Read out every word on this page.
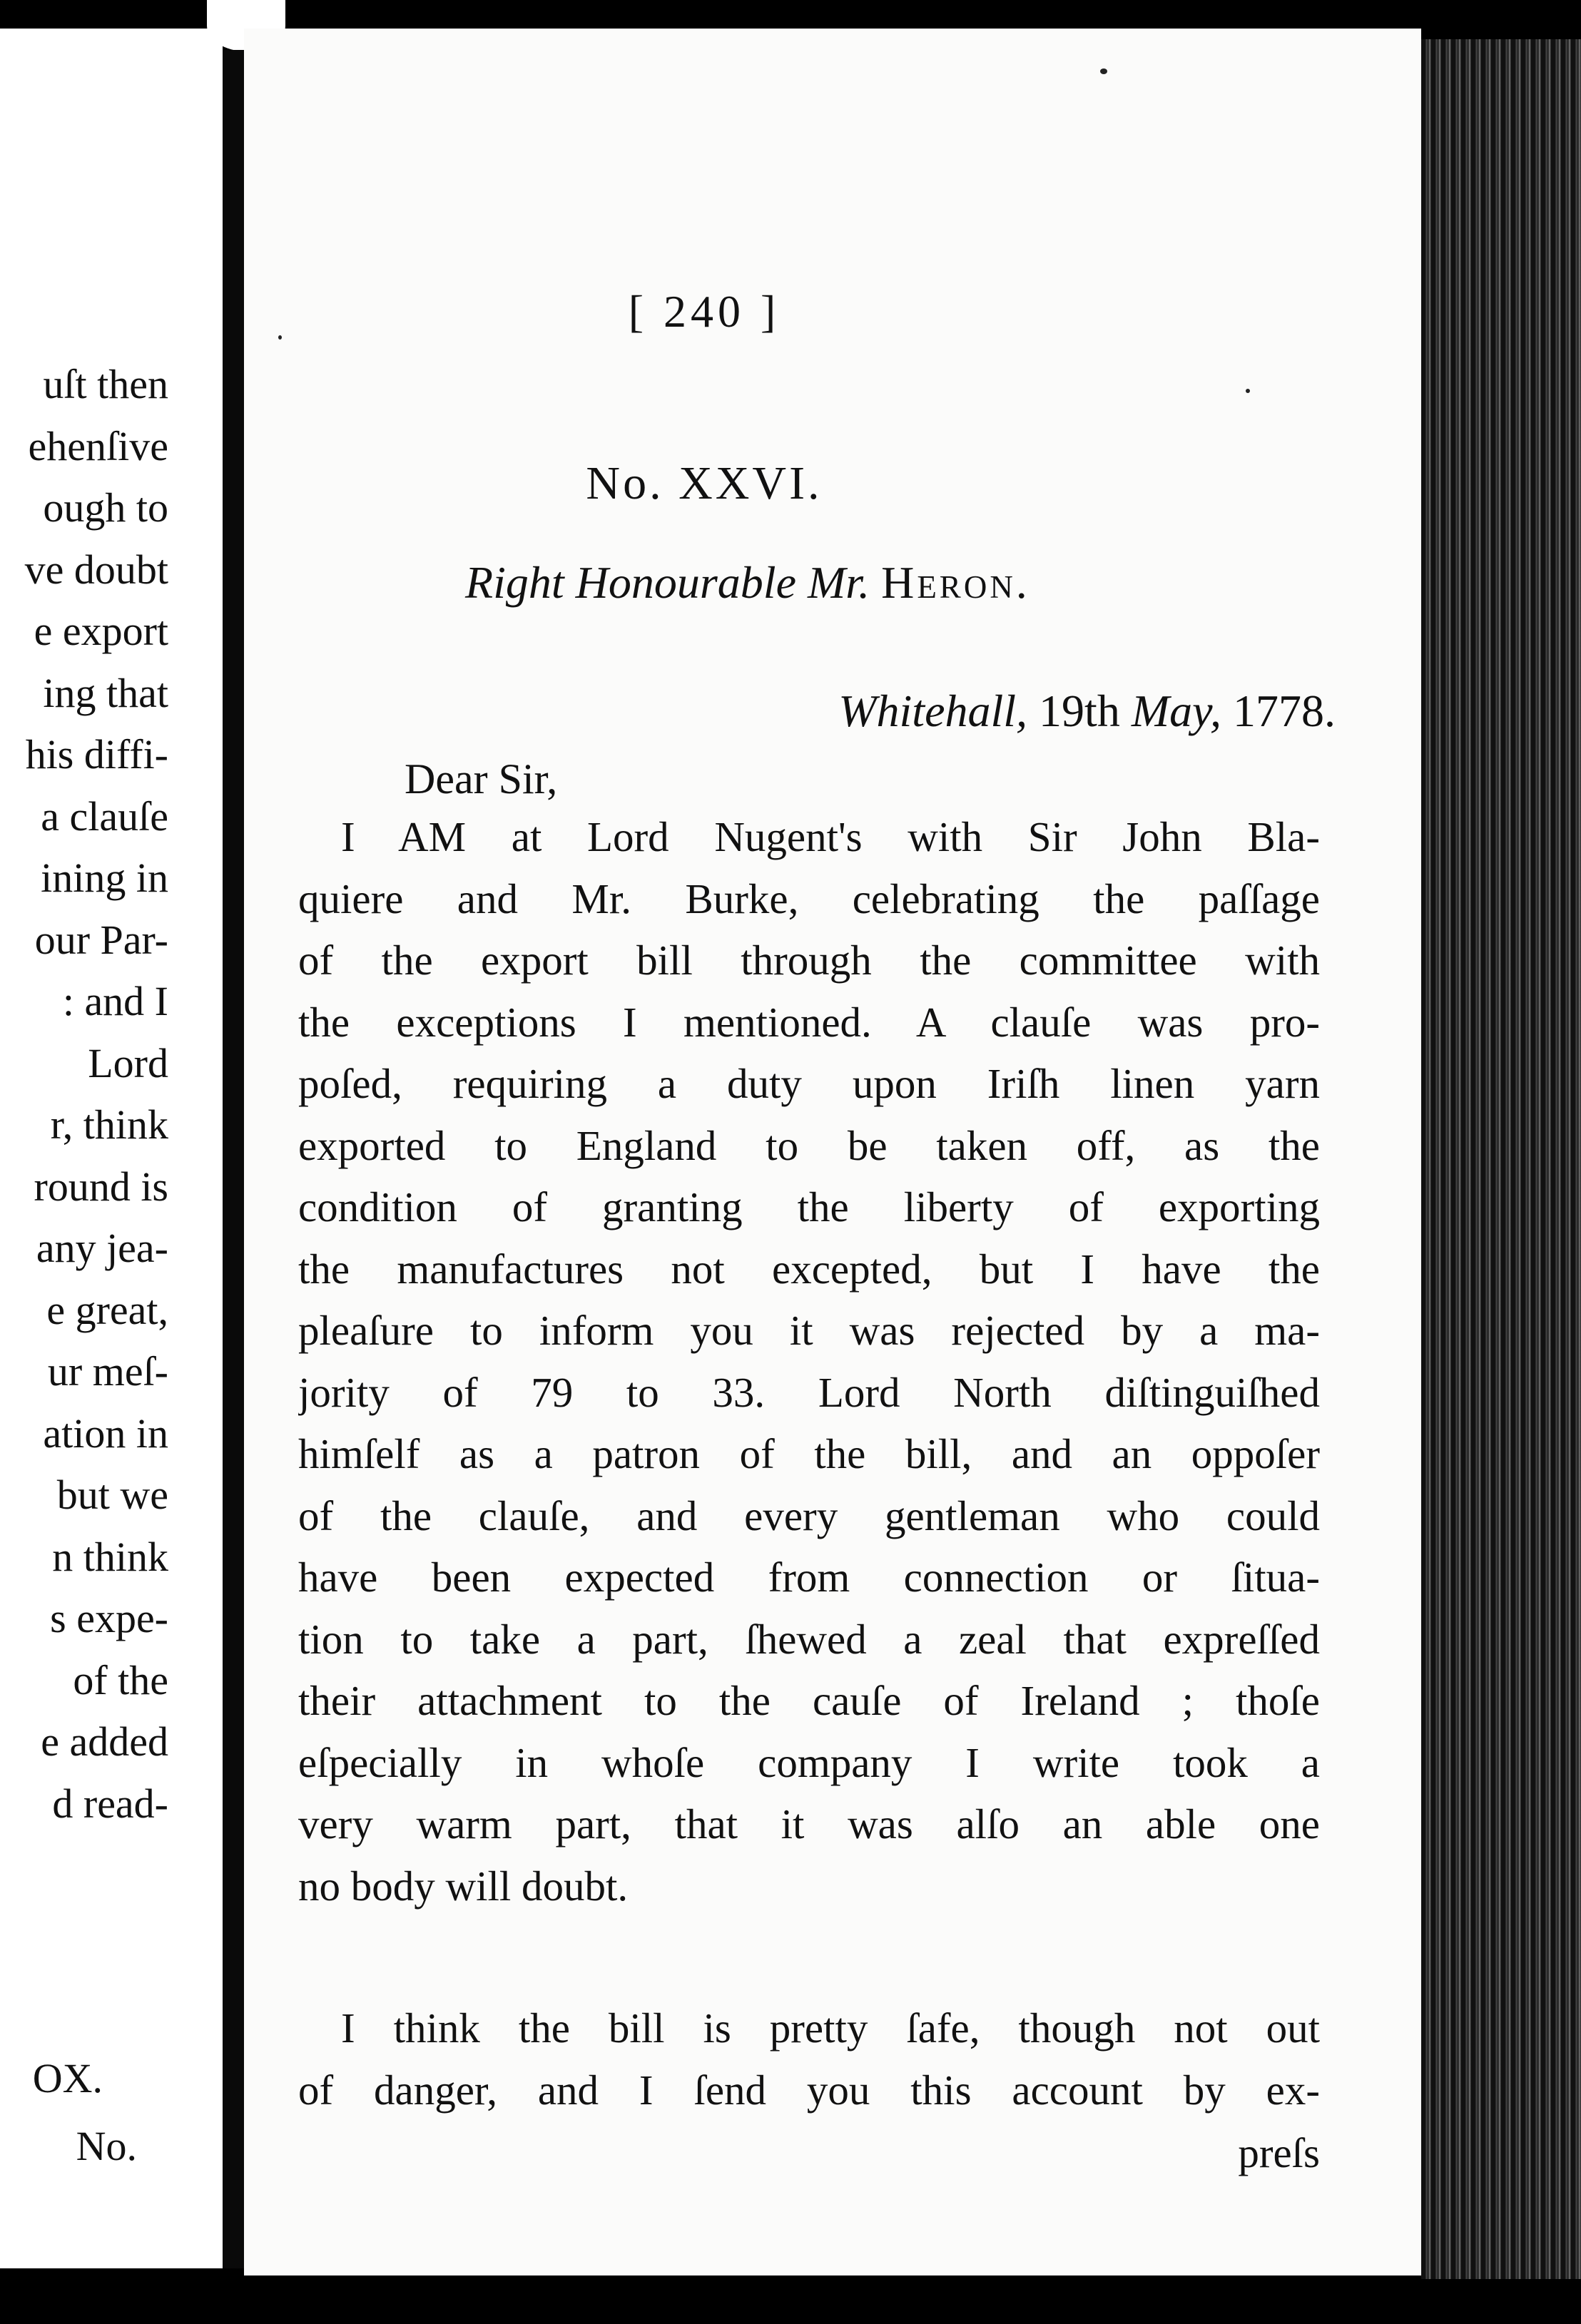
uſt then
ehenſive
ough to
ve doubt
e export
ing that
his diffi-
a clauſe
ining in
our Par-
: and I
Lord
r, think
round is
any jea-
e great,
ur meſ-
ation in
but we
n think
s expe-
of the
e added
d read-
OX.
No.
[ 240 ]
No. XXVI.
Right Honourable Mr. Heron.
Whitehall, 19th May, 1778.
Dear Sir,
I AM at Lord Nugent's with Sir John Bla-
quiere and Mr. Burke, celebrating the paſſage
of the export bill through the committee with
the exceptions I mentioned. A clauſe was pro-
poſed, requiring a duty upon Iriſh linen yarn
exported to England to be taken off, as the
condition of granting the liberty of exporting
the manufactures not excepted, but I have the
pleaſure to inform you it was rejected by a ma-
jority of 79 to 33. Lord North diſtinguiſhed
himſelf as a patron of the bill, and an oppoſer
of the clauſe, and every gentleman who could
have been expected from connection or ſitua-
tion to take a part, ſhewed a zeal that expreſſed
their attachment to the cauſe of Ireland ; thoſe
eſpecially in whoſe company I write took a
very warm part, that it was alſo an able one
no body will doubt.
I think the bill is pretty ſafe, though not out
of danger, and I ſend you this account by ex-
preſs
